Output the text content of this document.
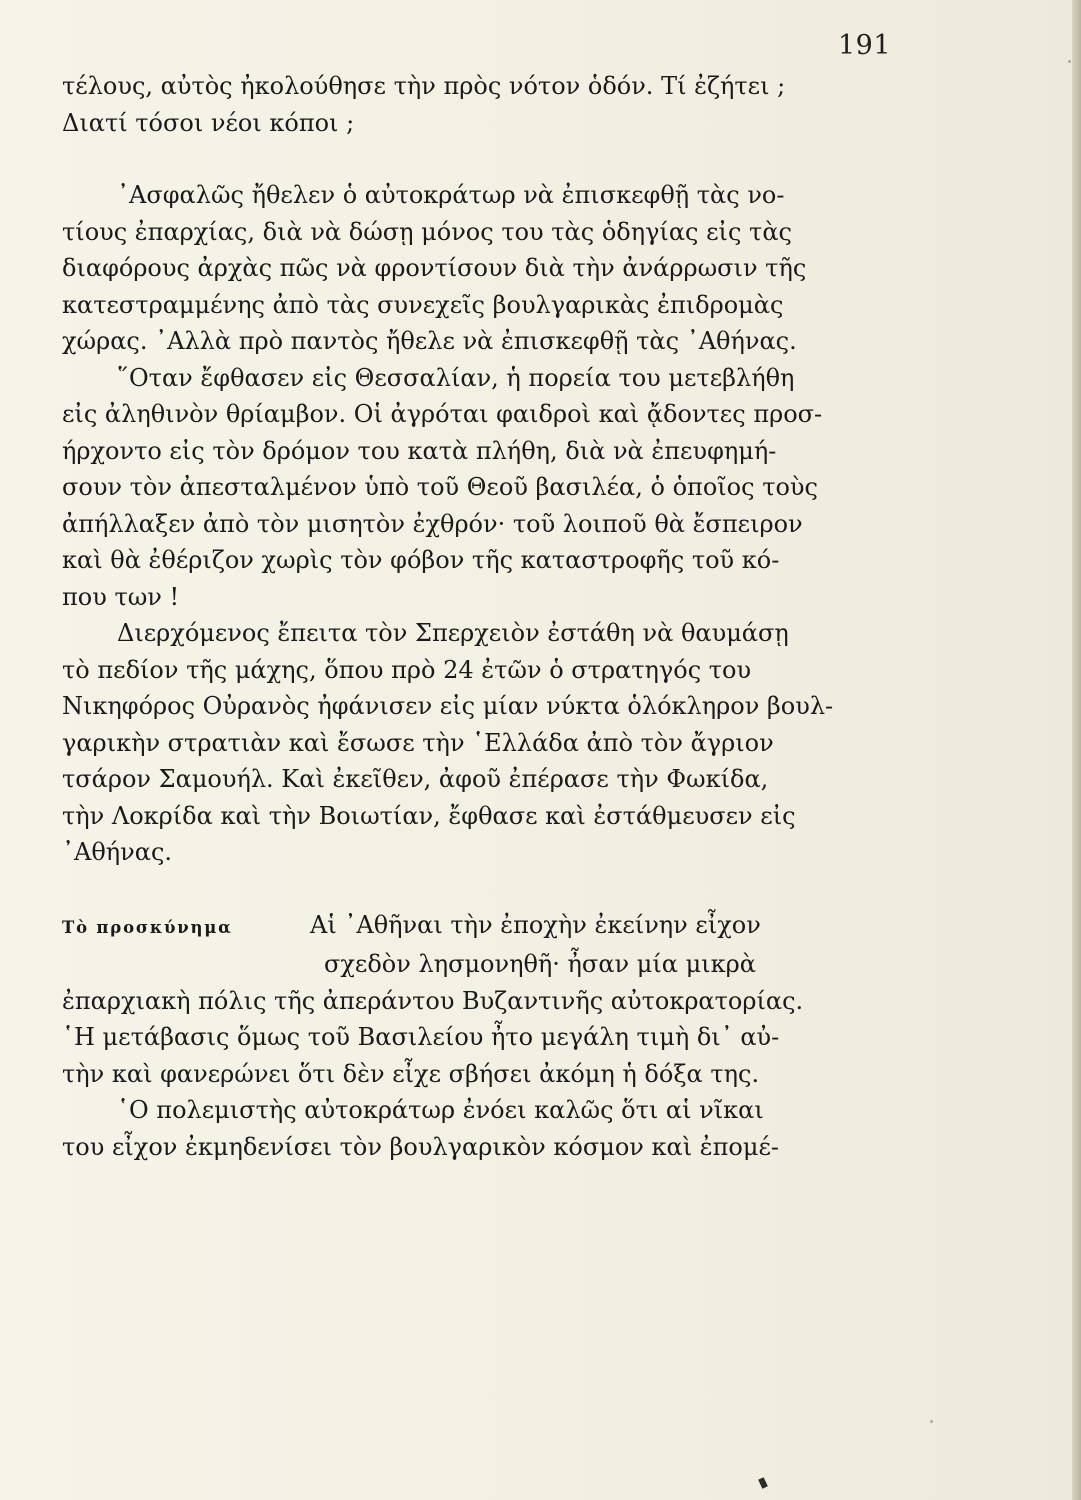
191
τέλους, αὐτὸς ἠκολούθησε τὴν πρὸς νότον ὁδόν. Τί ἐζήτει ;
Διατί τόσοι νέοι κόποι ;
᾿Ασφαλῶς ἤθελεν ὁ αὐτοκράτωρ νὰ ἐπισκεφθῇ τὰς νο-
τίους ἐπαρχίας, διὰ νὰ δώσῃ μόνος του τὰς ὁδηγίας εἰς τὰς
διαφόρους ἀρχὰς πῶς νὰ φροντίσουν διὰ τὴν ἀνάρρωσιν τῆς
κατεστραμμένης ἀπὸ τὰς συνεχεῖς βουλγαρικὰς ἐπιδρομὰς
χώρας. ᾿Αλλὰ πρὸ παντὸς ἤθελε νὰ ἐπισκεφθῇ τὰς ᾿Αθήνας.
῞Οταν ἔφθασεν εἰς Θεσσαλίαν, ἡ πορεία του μετεβλήθη
εἰς ἀληθινὸν θρίαμβον. Οἱ ἀγρόται φαιδροὶ καὶ ᾄδοντες προσ-
ήρχοντο εἰς τὸν δρόμον του κατὰ πλήθη, διὰ νὰ ἐπευφημή-
σουν τὸν ἀπεσταλμένον ὑπὸ τοῦ Θεοῦ βασιλέα, ὁ ὁποῖος τοὺς
ἀπήλλαξεν ἀπὸ τὸν μισητὸν ἐχθρόν· τοῦ λοιποῦ θὰ ἔσπειρον
καὶ θὰ ἐθέριζον χωρὶς τὸν φόβον τῆς καταστροφῆς τοῦ κό-
που των !
Διερχόμενος ἔπειτα τὸν Σπερχειὸν ἐστάθη νὰ θαυμάσῃ
τὸ πεδίον τῆς μάχης, ὅπου πρὸ 24 ἐτῶν ὁ στρατηγός του
Νικηφόρος Οὐρανὸς ἠφάνισεν εἰς μίαν νύκτα ὁλόκληρον βουλ-
γαρικὴν στρατιὰν καὶ ἔσωσε τὴν ῾Ελλάδα ἀπὸ τὸν ἄγριον
τσάρον Σαμουήλ. Καὶ ἐκεῖθεν, ἀφοῦ ἐπέρασε τὴν Φωκίδα,
τὴν Λοκρίδα καὶ τὴν Βοιωτίαν, ἔφθασε καὶ ἐστάθμευσεν εἰς
᾿Αθήνας.
Τὸ προσκύνημα	Αἱ ᾿Αθῆναι τὴν ἐποχὴν ἐκείνην εἶχον
σχεδὸν λησμονηθῆ· ἦσαν μία μικρὰ
ἐπαρχιακὴ πόλις τῆς ἀπεράντου Βυζαντινῆς αὐτοκρατορίας.
῾Η μετάβασις ὅμως τοῦ Βασιλείου ἦτο μεγάλη τιμὴ δι᾿ αὐ-
τὴν καὶ φανερώνει ὅτι δὲν εἶχε σβήσει ἀκόμη ἡ δόξα της.
῾Ο πολεμιστὴς αὐτοκράτωρ ἐνόει καλῶς ὅτι αἱ νῖκαι
του εἶχον ἐκμηδενίσει τὸν βουλγαρικὸν κόσμον καὶ ἐπομέ-
